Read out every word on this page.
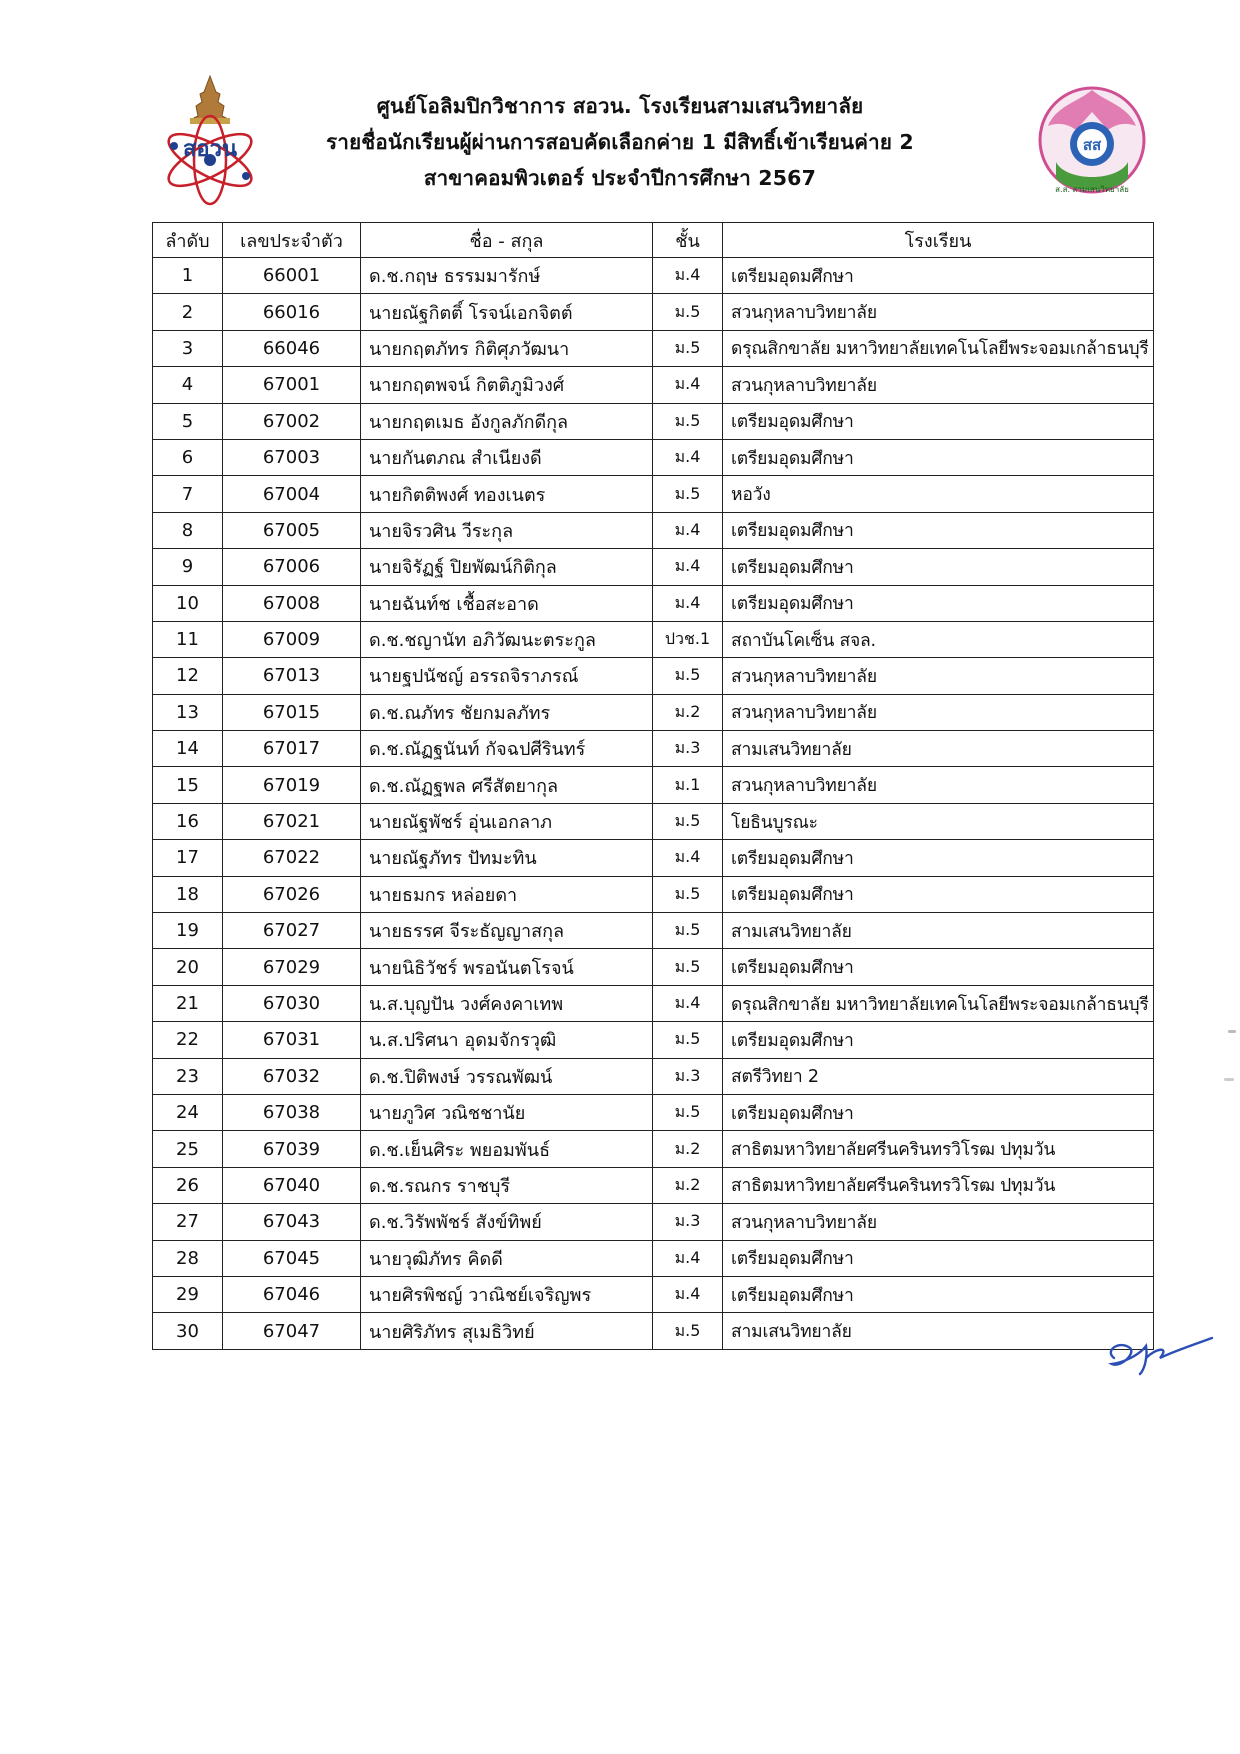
สอวน
ศูนย์โอลิมปิกวิชาการ สอวน. โรงเรียนสามเสนวิทยาลัย
รายชื่อนักเรียนผู้ผ่านการสอบคัดเลือกค่าย 1 มีสิทธิ์เข้าเรียนค่าย 2
สาขาคอมพิวเตอร์ ประจำปีการศึกษา 2567
สส
ส.ส. สามเสนวิทยาลัย
ลำดับ	เลขประจำตัว	ชื่อ - สกุล	ชั้น	โรงเรียน
1	66001	ด.ช.กฤษ ธรรมมารักษ์	ม.4	เตรียมอุดมศึกษา
2	66016	นายณัฐกิตติ์ โรจน์เอกจิตต์	ม.5	สวนกุหลาบวิทยาลัย
3	66046	นายกฤตภัทร กิติศุภวัฒนา	ม.5	ดรุณสิกขาลัย มหาวิทยาลัยเทคโนโลยีพระจอมเกล้าธนบุรี
4	67001	นายกฤตพจน์ กิตติภูมิวงศ์	ม.4	สวนกุหลาบวิทยาลัย
5	67002	นายกฤตเมธ อังกูลภักดีกุล	ม.5	เตรียมอุดมศึกษา
6	67003	นายกันตภณ สำเนียงดี	ม.4	เตรียมอุดมศึกษา
7	67004	นายกิตติพงศ์ ทองเนตร	ม.5	หอวัง
8	67005	นายจิรวศิน วีระกุล	ม.4	เตรียมอุดมศึกษา
9	67006	นายจิรัฏฐ์ ปิยพัฒน์กิติกุล	ม.4	เตรียมอุดมศึกษา
10	67008	นายฉันท์ช เชื้อสะอาด	ม.4	เตรียมอุดมศึกษา
11	67009	ด.ช.ชญานัท อภิวัฒนะตระกูล	ปวช.1	สถาบันโคเซ็น สจล.
12	67013	นายฐปนัชญ์ อรรถจิราภรณ์	ม.5	สวนกุหลาบวิทยาลัย
13	67015	ด.ช.ณภัทร ชัยกมลภัทร	ม.2	สวนกุหลาบวิทยาลัย
14	67017	ด.ช.ณัฏฐนันท์ กัจฉปศีรินทร์	ม.3	สามเสนวิทยาลัย
15	67019	ด.ช.ณัฏฐพล ศรีสัตยากุล	ม.1	สวนกุหลาบวิทยาลัย
16	67021	นายณัฐพัชร์ อุ่นเอกลาภ	ม.5	โยธินบูรณะ
17	67022	นายณัฐภัทร ปัทมะทิน	ม.4	เตรียมอุดมศึกษา
18	67026	นายธมกร หล่อยดา	ม.5	เตรียมอุดมศึกษา
19	67027	นายธรรศ จีระธัญญาสกุล	ม.5	สามเสนวิทยาลัย
20	67029	นายนิธิวัชร์ พรอนันตโรจน์	ม.5	เตรียมอุดมศึกษา
21	67030	น.ส.บุญปัน วงศ์คงคาเทพ	ม.4	ดรุณสิกขาลัย มหาวิทยาลัยเทคโนโลยีพระจอมเกล้าธนบุรี
22	67031	น.ส.ปริศนา อุดมจักรวุฒิ	ม.5	เตรียมอุดมศึกษา
23	67032	ด.ช.ปิติพงษ์ วรรณพัฒน์	ม.3	สตรีวิทยา 2
24	67038	นายภูวิศ วณิชชานัย	ม.5	เตรียมอุดมศึกษา
25	67039	ด.ช.เย็นศิระ พยอมพันธ์	ม.2	สาธิตมหาวิทยาลัยศรีนครินทรวิโรฒ ปทุมวัน
26	67040	ด.ช.รณกร ราชบุรี	ม.2	สาธิตมหาวิทยาลัยศรีนครินทรวิโรฒ ปทุมวัน
27	67043	ด.ช.วิรัพพัชร์ สังข์ทิพย์	ม.3	สวนกุหลาบวิทยาลัย
28	67045	นายวุฒิภัทร คิดดี	ม.4	เตรียมอุดมศึกษา
29	67046	นายศิรพิชญ์ วาณิชย์เจริญพร	ม.4	เตรียมอุดมศึกษา
30	67047	นายศิริภัทร สุเมธิวิทย์	ม.5	สามเสนวิทยาลัย
